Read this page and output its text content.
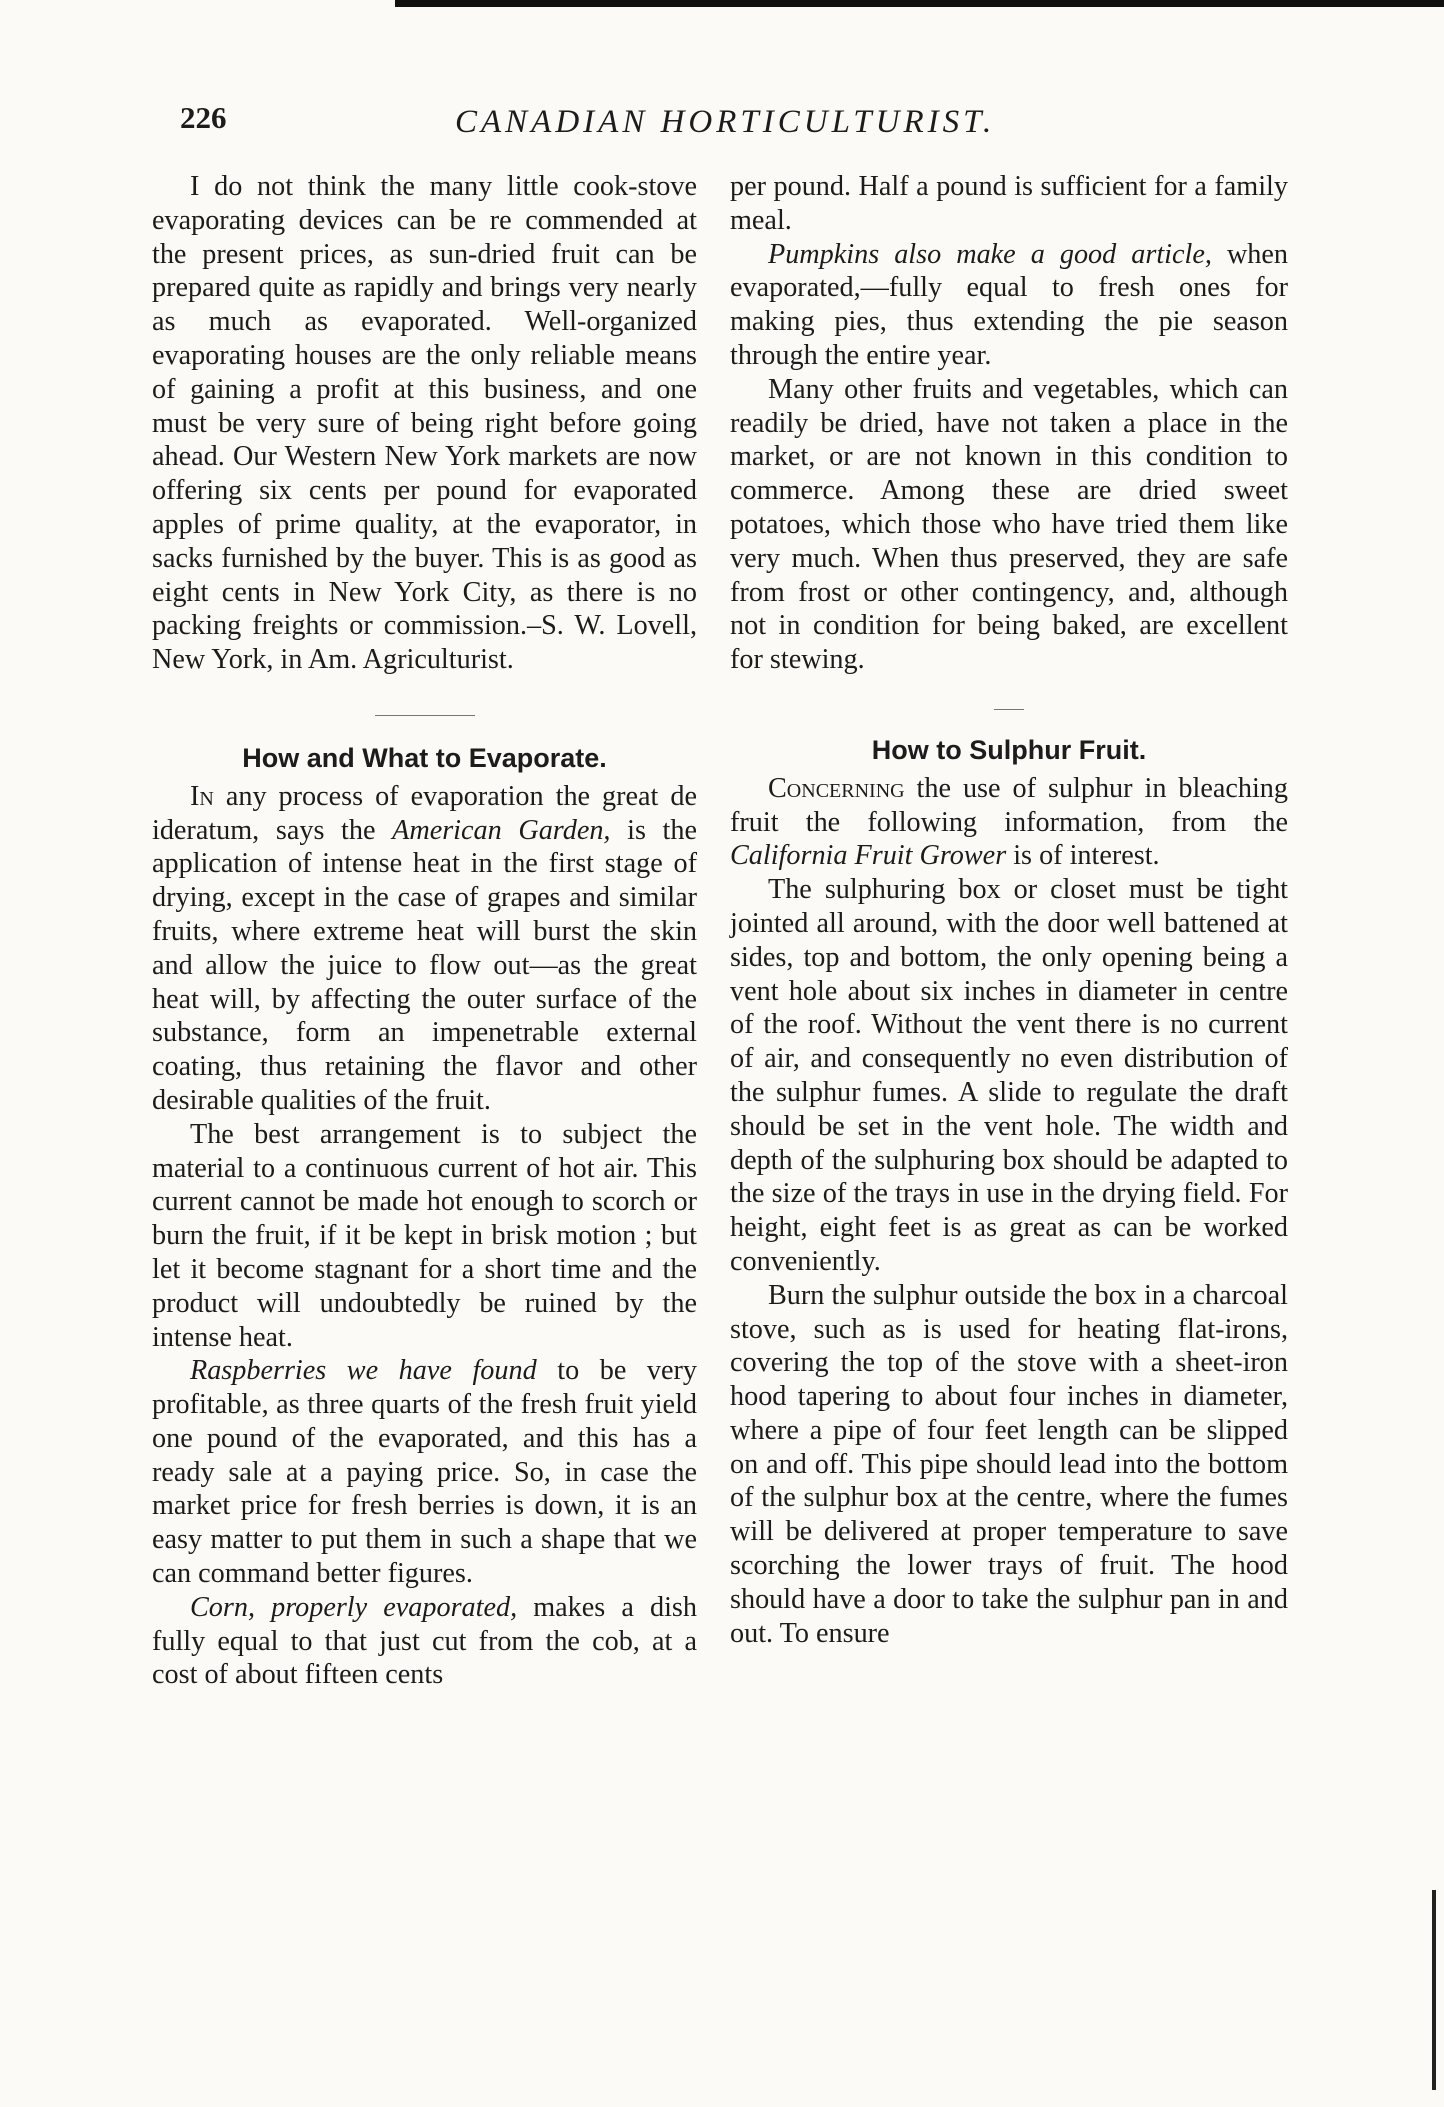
226	CANADIAN HORTICULTURIST.

I do not think the many little cook-stove evaporating devices can be re commended at the present prices, as sun-dried fruit can be prepared quite as rapidly and brings very nearly as much as evaporated. Well-organized evaporating houses are the only reliable means of gaining a profit at this business, and one must be very sure of being right before going ahead. Our Western New York markets are now offering six cents per pound for evaporated apples of prime quality, at the evaporator, in sacks furnished by the buyer. This is as good as eight cents in New York City, as there is no packing freights or commission.–S. W. Lovell, New York, in Am. Agriculturist.

How and What to Evaporate.

In any process of evaporation the great de ideratum, says the American Garden, is the application of intense heat in the first stage of drying, except in the case of grapes and similar fruits, where extreme heat will burst the skin and allow the juice to flow out—as the great heat will, by affecting the outer surface of the substance, form an impenetrable external coating, thus retaining the flavor and other desirable qualities of the fruit.

The best arrangement is to subject the material to a continuous current of hot air. This current cannot be made hot enough to scorch or burn the fruit, if it be kept in brisk motion ; but let it become stagnant for a short time and the product will undoubtedly be ruined by the intense heat.

Raspberries we have found to be very profitable, as three quarts of the fresh fruit yield one pound of the evaporated, and this has a ready sale at a paying price. So, in case the market price for fresh berries is down, it is an easy matter to put them in such a shape that we can command better figures.

Corn, properly evaporated, makes a dish fully equal to that just cut from the cob, at a cost of about fifteen cents

per pound. Half a pound is sufficient for a family meal.

Pumpkins also make a good article, when evaporated,—fully equal to fresh ones for making pies, thus extending the pie season through the entire year.

Many other fruits and vegetables, which can readily be dried, have not taken a place in the market, or are not known in this condition to commerce. Among these are dried sweet potatoes, which those who have tried them like very much. When thus preserved, they are safe from frost or other contingency, and, although not in condition for being baked, are excellent for stewing.

How to Sulphur Fruit.

Concerning the use of sulphur in bleaching fruit the following information, from the California Fruit Grower is of interest.

The sulphuring box or closet must be tight jointed all around, with the door well battened at sides, top and bottom, the only opening being a vent hole about six inches in diameter in centre of the roof. Without the vent there is no current of air, and consequently no even distribution of the sulphur fumes. A slide to regulate the draft should be set in the vent hole. The width and depth of the sulphuring box should be adapted to the size of the trays in use in the drying field. For height, eight feet is as great as can be worked conveniently.

Burn the sulphur outside the box in a charcoal stove, such as is used for heating flat-irons, covering the top of the stove with a sheet-iron hood tapering to about four inches in diameter, where a pipe of four feet length can be slipped on and off. This pipe should lead into the bottom of the sulphur box at the centre, where the fumes will be delivered at proper temperature to save scorching the lower trays of fruit. The hood should have a door to take the sulphur pan in and out. To ensure
